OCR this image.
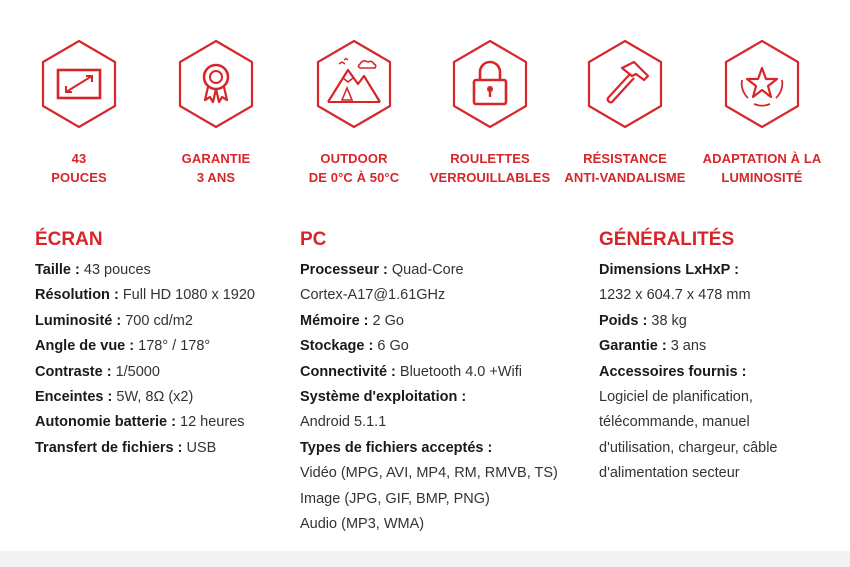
43
POUCES
GARANTIE
3 ANS
OUTDOOR
DE 0°C À 50°C
ROULETTES
VERROUILLABLES
RÉSISTANCE
ANTI-VANDALISME
ADAPTATION À LA
LUMINOSITÉ
ÉCRAN
Taille : 43 pouces
Résolution : Full HD 1080 x 1920
Luminosité : 700 cd/m2
Angle de vue : 178° / 178°
Contraste : 1/5000
Enceintes : 5W, 8Ω (x2)
Autonomie batterie : 12 heures
Transfert de fichiers : USB
PC
Processeur : Quad-Core
Cortex-A17@1.61GHz
Mémoire : 2 Go
Stockage : 6 Go
Connectivité : Bluetooth 4.0 +Wifi
Système d'exploitation :
Android 5.1.1
Types de fichiers acceptés :
Vidéo (MPG, AVI, MP4, RM, RMVB, TS)
Image (JPG, GIF, BMP, PNG)
Audio (MP3, WMA)
GÉNÉRALITÉS
Dimensions LxHxP :
1232 x 604.7 x 478 mm
Poids : 38 kg
Garantie : 3 ans
Accessoires fournis :
Logiciel de planification,
télécommande, manuel
d'utilisation, chargeur, câble
d'alimentation secteur
